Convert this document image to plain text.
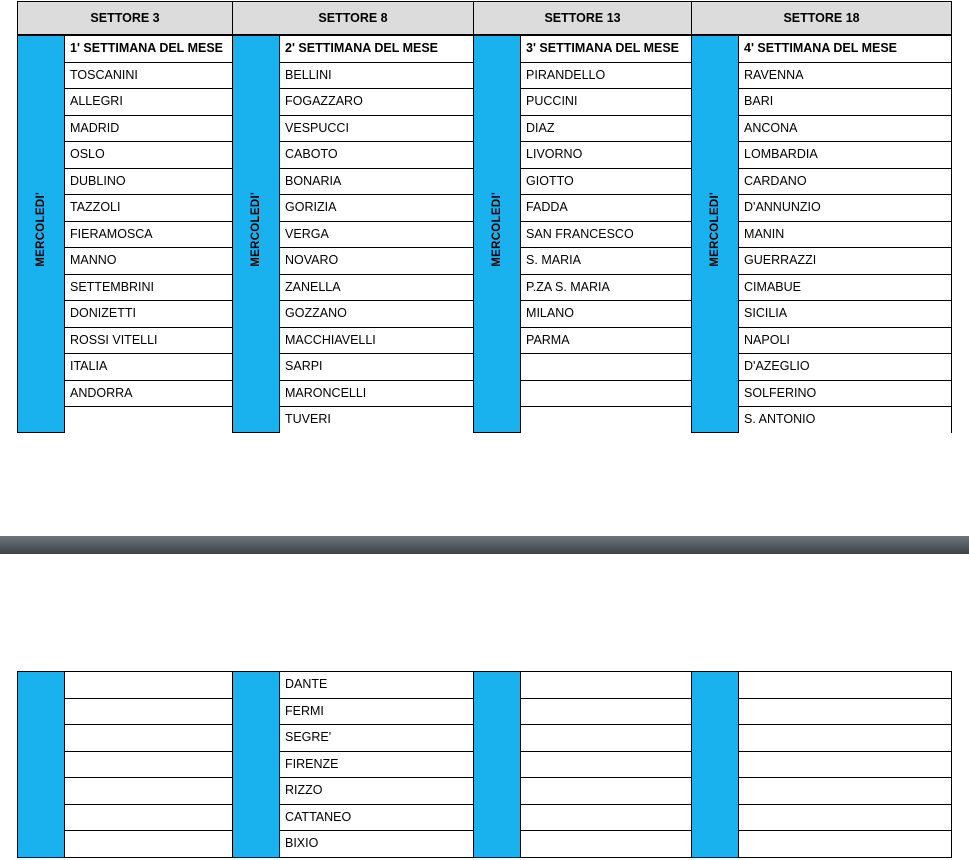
SETTORE 3		SETTORE 8		SETTORE 13		SETTORE 18	
MERCOLEDI'	1' SETTIMANA DEL MESE	MERCOLEDI'	2' SETTIMANA DEL MESE	MERCOLEDI'	3' SETTIMANA DEL MESE	MERCOLEDI'	4' SETTIMANA DEL MESE
	TOSCANINI		BELLINI		PIRANDELLO		RAVENNA
	ALLEGRI		FOGAZZARO		PUCCINI		BARI
	MADRID		VESPUCCI		DIAZ		ANCONA
	OSLO		CABOTO		LIVORNO		LOMBARDIA
	DUBLINO		BONARIA		GIOTTO		CARDANO
	TAZZOLI		GORIZIA		FADDA		D'ANNUNZIO
	FIERAMOSCA		VERGA		SAN FRANCESCO		MANIN
	MANNO		NOVARO		S. MARIA		GUERRAZZI
	SETTEMBRINI		ZANELLA		P.ZA S. MARIA		CIMABUE
	DONIZETTI		GOZZANO		MILANO		SICILIA
	ROSSI VITELLI		MACCHIAVELLI		PARMA		NAPOLI
	ITALIA		SARPI				D'AZEGLIO
	ANDORRA		MARONCELLI				SOLFERINO
			TUVERI				S. ANTONIO
			DANTE				
			FERMI				
			SEGRE'				
			FIRENZE				
			RIZZO				
			CATTANEO				
			BIXIO				
